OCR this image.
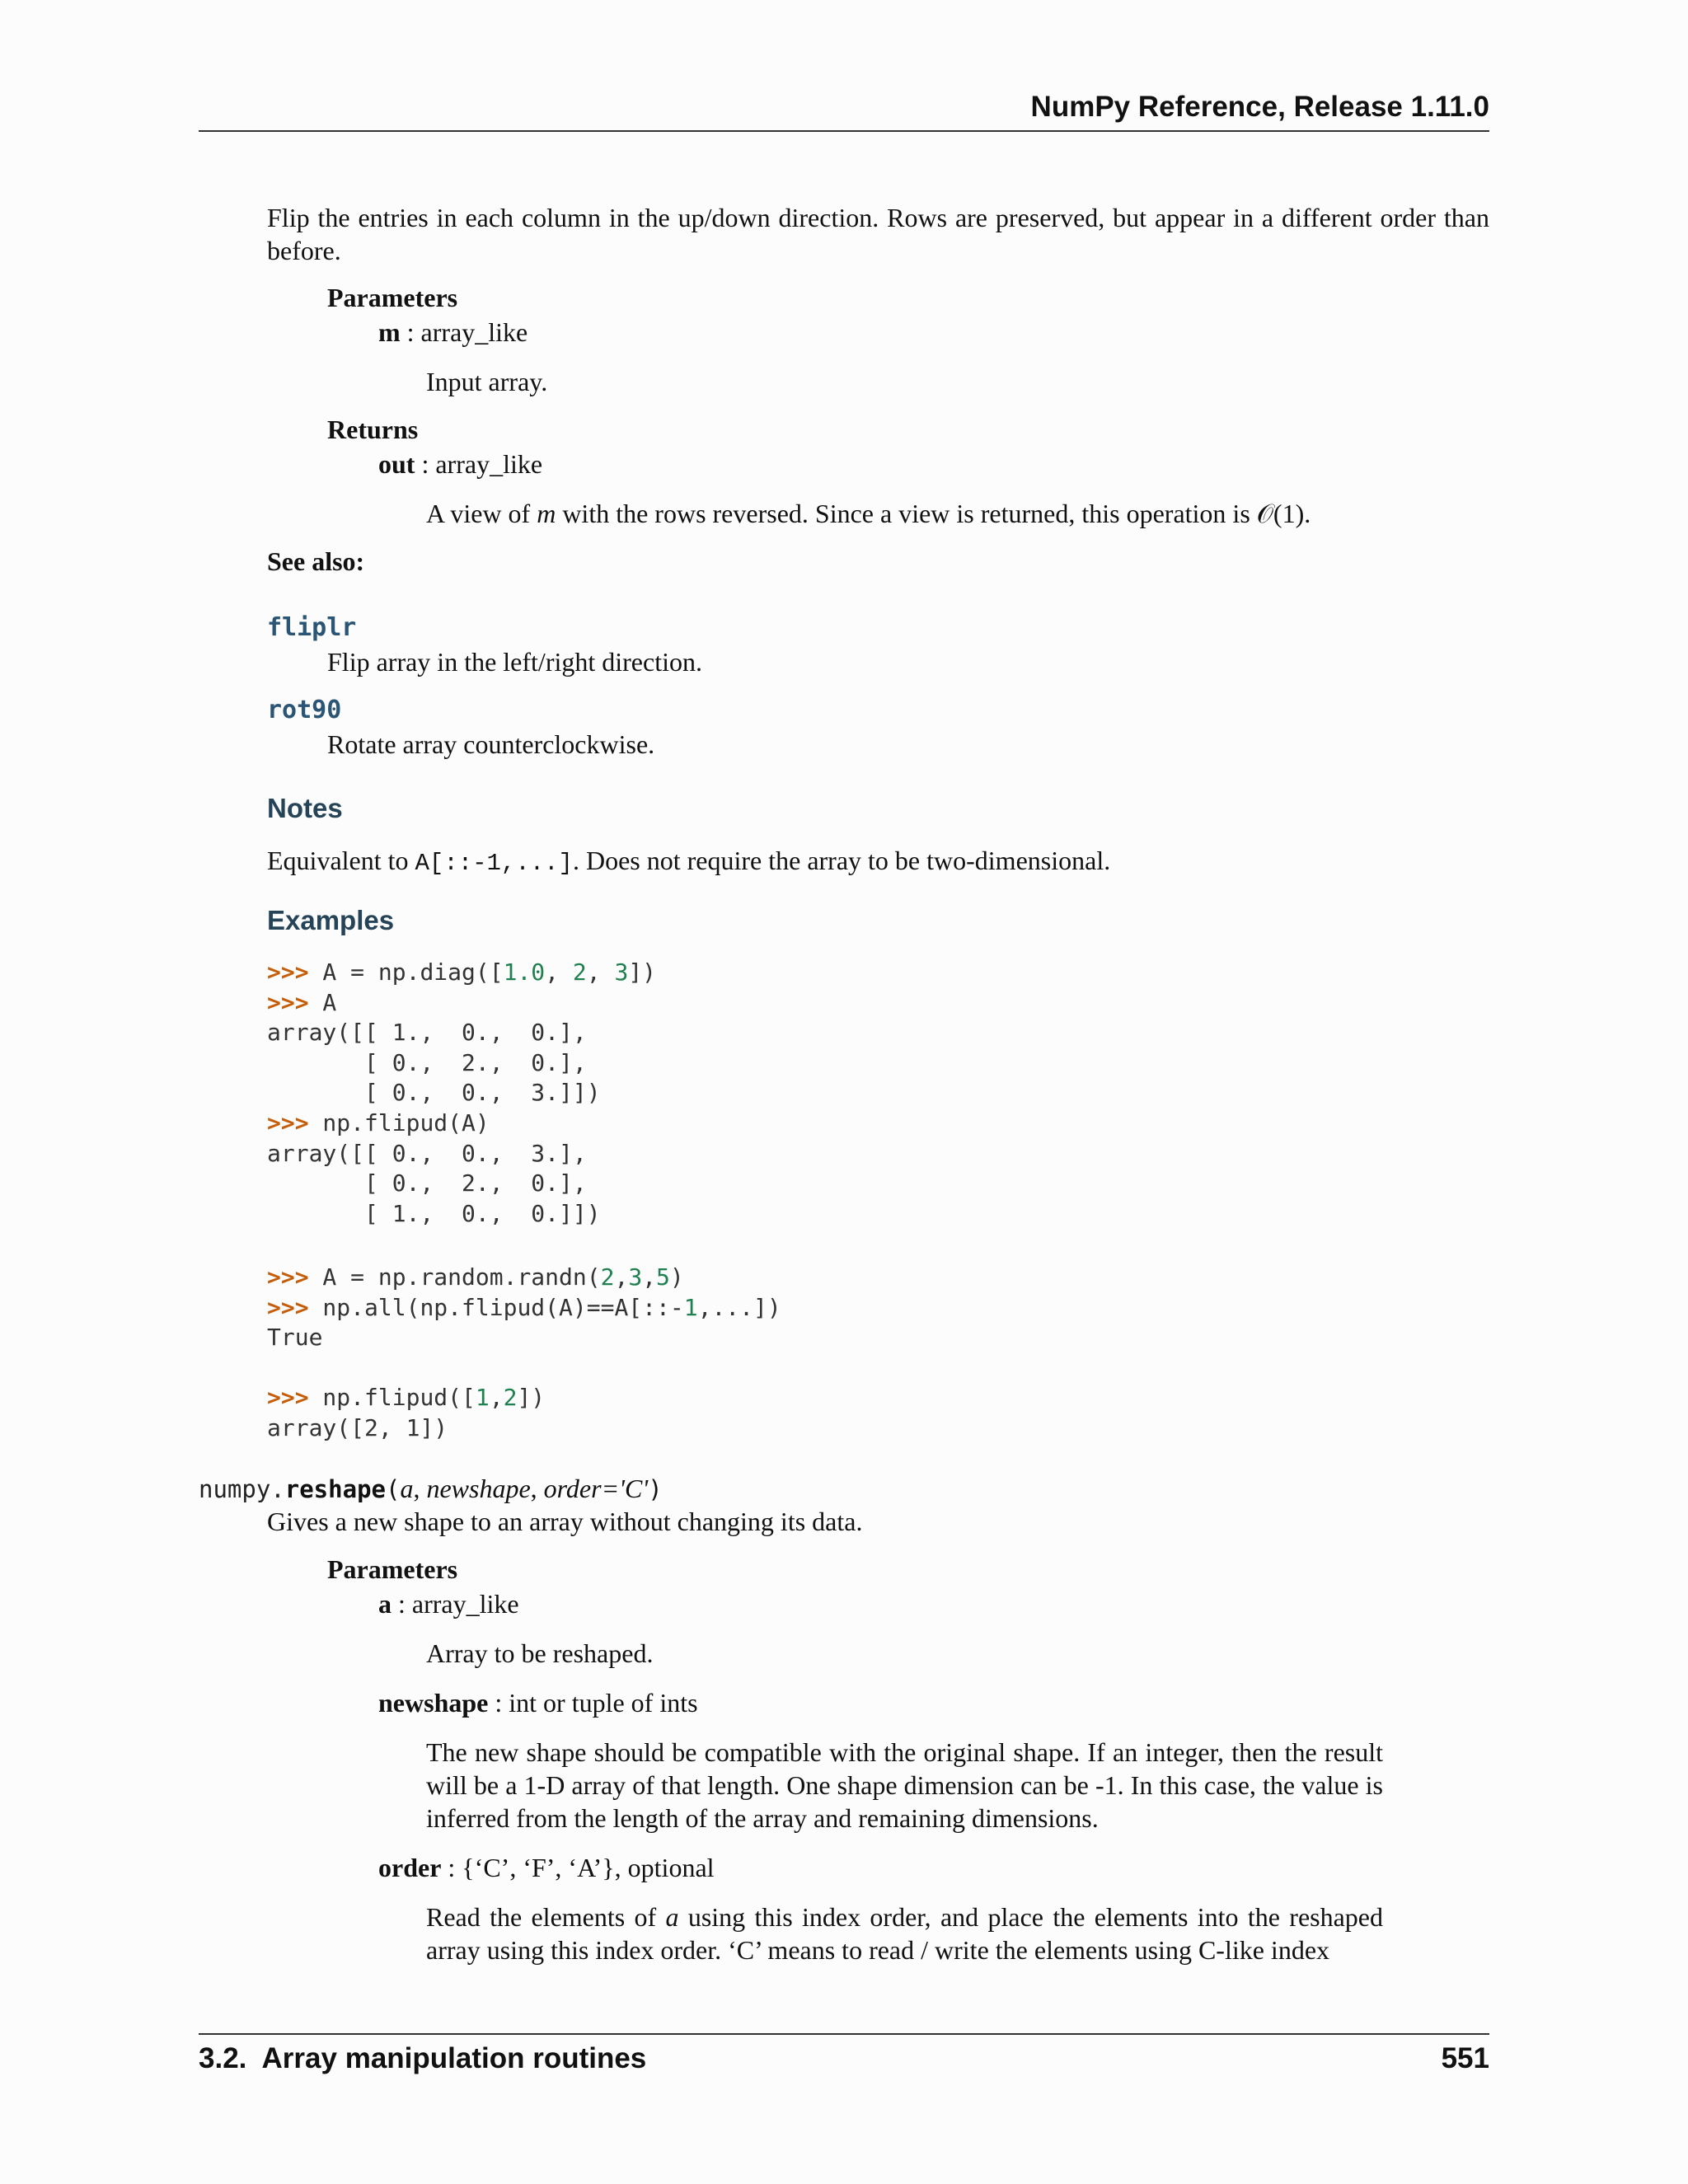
NumPy Reference, Release 1.11.0
Flip the entries in each column in the up/down direction. Rows are preserved, but appear in a different order than before.
Parameters
m : array_like
Input array.
Returns
out : array_like
A view of m with the rows reversed. Since a view is returned, this operation is 𝒪(1).
See also:
fliplr
Flip array in the left/right direction.
rot90
Rotate array counterclockwise.
Notes
Equivalent to A[::-1,...]. Does not require the array to be two-dimensional.
Examples
>>> A = np.diag([1.0, 2, 3])
>>> A
array([[ 1.,  0.,  0.],
[ 0.,  2.,  0.],
[ 0.,  0.,  3.]])
>>> np.flipud(A)
array([[ 0.,  0.,  3.],
[ 0.,  2.,  0.],
[ 1.,  0.,  0.]])
>>> A = np.random.randn(2,3,5)
>>> np.all(np.flipud(A)==A[::-1,...])
True
>>> np.flipud([1,2])
array([2, 1])
numpy.reshape(a, newshape, order='C')
Gives a new shape to an array without changing its data.
Parameters
a : array_like
Array to be reshaped.
newshape : int or tuple of ints
The new shape should be compatible with the original shape. If an integer, then the result will be a 1-D array of that length. One shape dimension can be -1. In this case, the value is inferred from the length of the array and remaining dimensions.
order : {‘C’, ‘F’, ‘A’}, optional
Read the elements of a using this index order, and place the elements into the reshaped array using this index order. ‘C’ means to read / write the elements using C-like index
3.2.  Array manipulation routines	551
